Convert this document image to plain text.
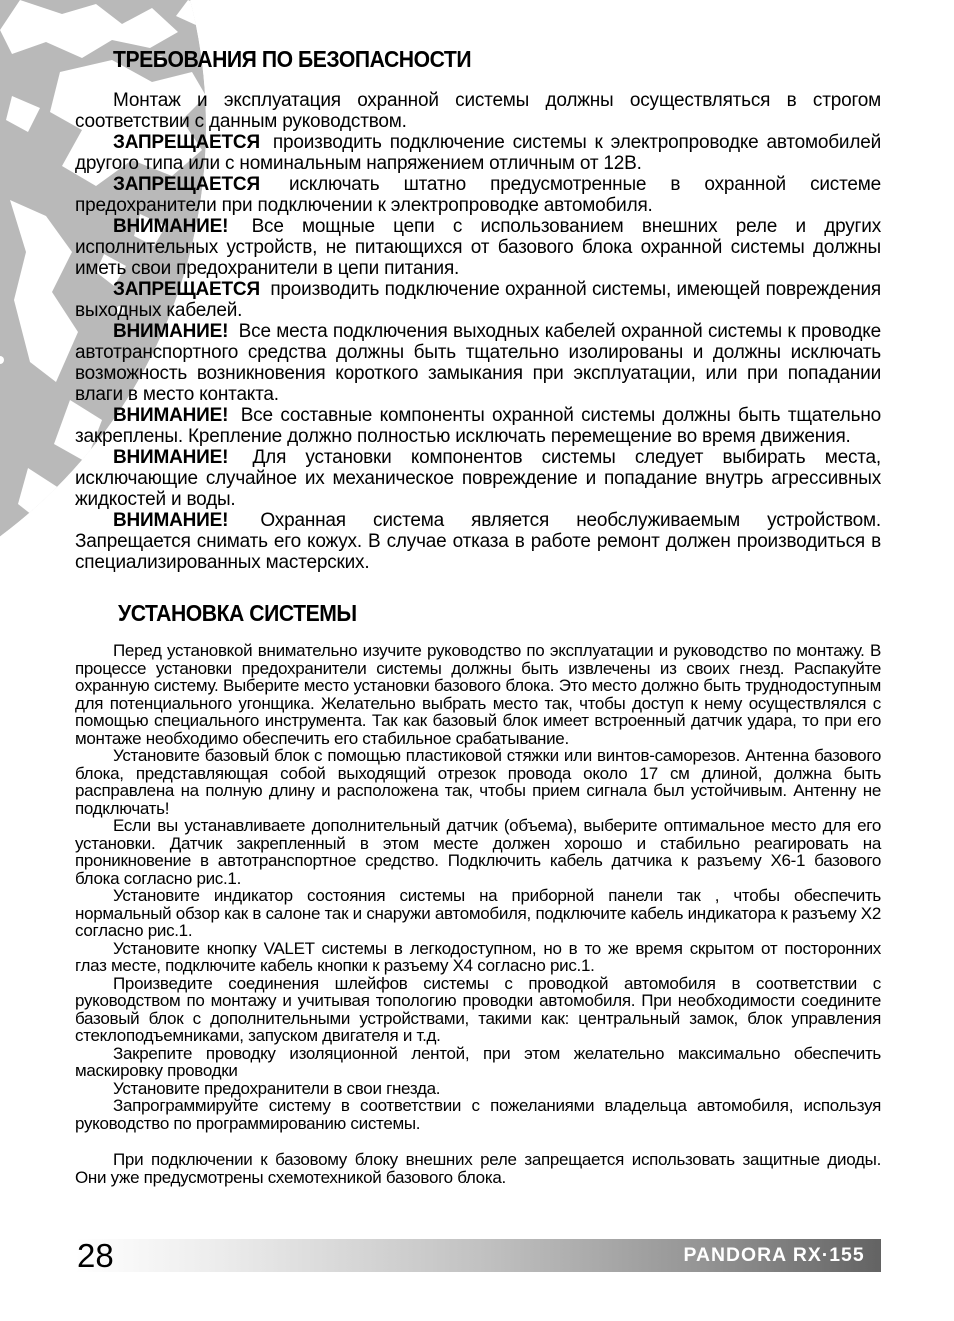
ТРЕБОВАНИЯ ПО БЕЗОПАСНОСТИ

Монтаж и эксплуатация охранной системы должны осуществляться в строгом соответствии с данным руководством.

ЗАПРЕЩАЕТСЯ производить подключение системы к электропроводке автомобилей другого типа или с номинальным напряжением отличным от 12В.

ЗАПРЕЩАЕТСЯ исключать штатно предусмотренные в охранной системе предохранители при подключении к электропроводке автомобиля.

ВНИМАНИЕ! Все мощные цепи с использованием внешних реле и других исполнительных устройств, не питающихся от базового блока охранной системы должны иметь свои предохранители в цепи питания.

ЗАПРЕЩАЕТСЯ производить подключение охранной системы, имеющей повреждения выходных кабелей.

ВНИМАНИЕ! Все места подключения выходных кабелей охранной системы к проводке автотранспортного средства должны быть тщательно изолированы и должны исключать возможность возникновения короткого замыкания при эксплуатации, или при попадании влаги в место контакта.

ВНИМАНИЕ! Все составные компоненты охранной системы должны быть тщательно закреплены. Крепление должно полностью исключать перемещение во время движения.

ВНИМАНИЕ! Для установки компонентов системы следует выбирать места, исключающие случайное их механическое повреждение и попадание внутрь агрессивных жидкостей и воды.

ВНИМАНИЕ! Охранная система является необслуживаемым устройством. Запрещается снимать его кожух. В случае отказа в работе ремонт должен производиться в специализированных мастерских.

УСТАНОВКА СИСТЕМЫ

Перед установкой внимательно изучите руководство по эксплуатации и руководство по монтажу. В процессе установки предохранители системы должны быть извлечены из своих гнезд. Распакуйте охранную систему. Выберите место установки базового блока. Это место должно быть труднодоступным для потенциального угонщика. Желательно выбрать место так, чтобы доступ к нему осуществлялся с помощью специального инструмента. Так как базовый блок имеет встроенный датчик удара, то при его монтаже необходимо обеспечить его стабильное срабатывание.

Установите базовый блок с помощью пластиковой стяжки или винтов-саморезов. Антенна базового блока, представляющая собой выходящий отрезок провода около 17 см длиной, должна быть расправлена на полную длину и расположена так, чтобы прием сигнала был устойчивым. Антенну не подключать!

Если вы устанавливаете дополнительный датчик (объема), выберите оптимальное место для его установки. Датчик закрепленный в этом месте должен хорошо и стабильно реагировать на проникновение в автотранспортное средство. Подключить кабель датчика к разъему Х6-1 базового блока согласно рис.1.

Установите индикатор состояния системы на приборной панели так , чтобы обеспечить нормальный обзор как в салоне так и снаружи автомобиля, подключите кабель индикатора к разъему Х2 согласно рис.1.

Установите кнопку VALET системы в легкодоступном, но в то же время скрытом от посторонних глаз месте, подключите кабель кнопки к разъему Х4 согласно рис.1.

Произведите соединения шлейфов системы с проводкой автомобиля в соответствии с руководством по монтажу и учитывая топологию проводки автомобиля. При необходимости соедините базовый блок с дополнительными устройствами, такими как: центральный замок, блок управления стеклоподъемниками, запуском двигателя и т.д.

Закрепите проводку изоляционной лентой, при этом желательно максимально обеспечить маскировку проводки

Установите предохранители в свои гнезда.

Запрограммируйте систему в соответствии с пожеланиями владельца автомобиля, используя руководство по программированию системы.

При подключении к базовому блоку внешних реле запрещается использовать защитные диоды. Они уже предусмотрены схемотехникой базового блока.

28	PANDORA RX·155
